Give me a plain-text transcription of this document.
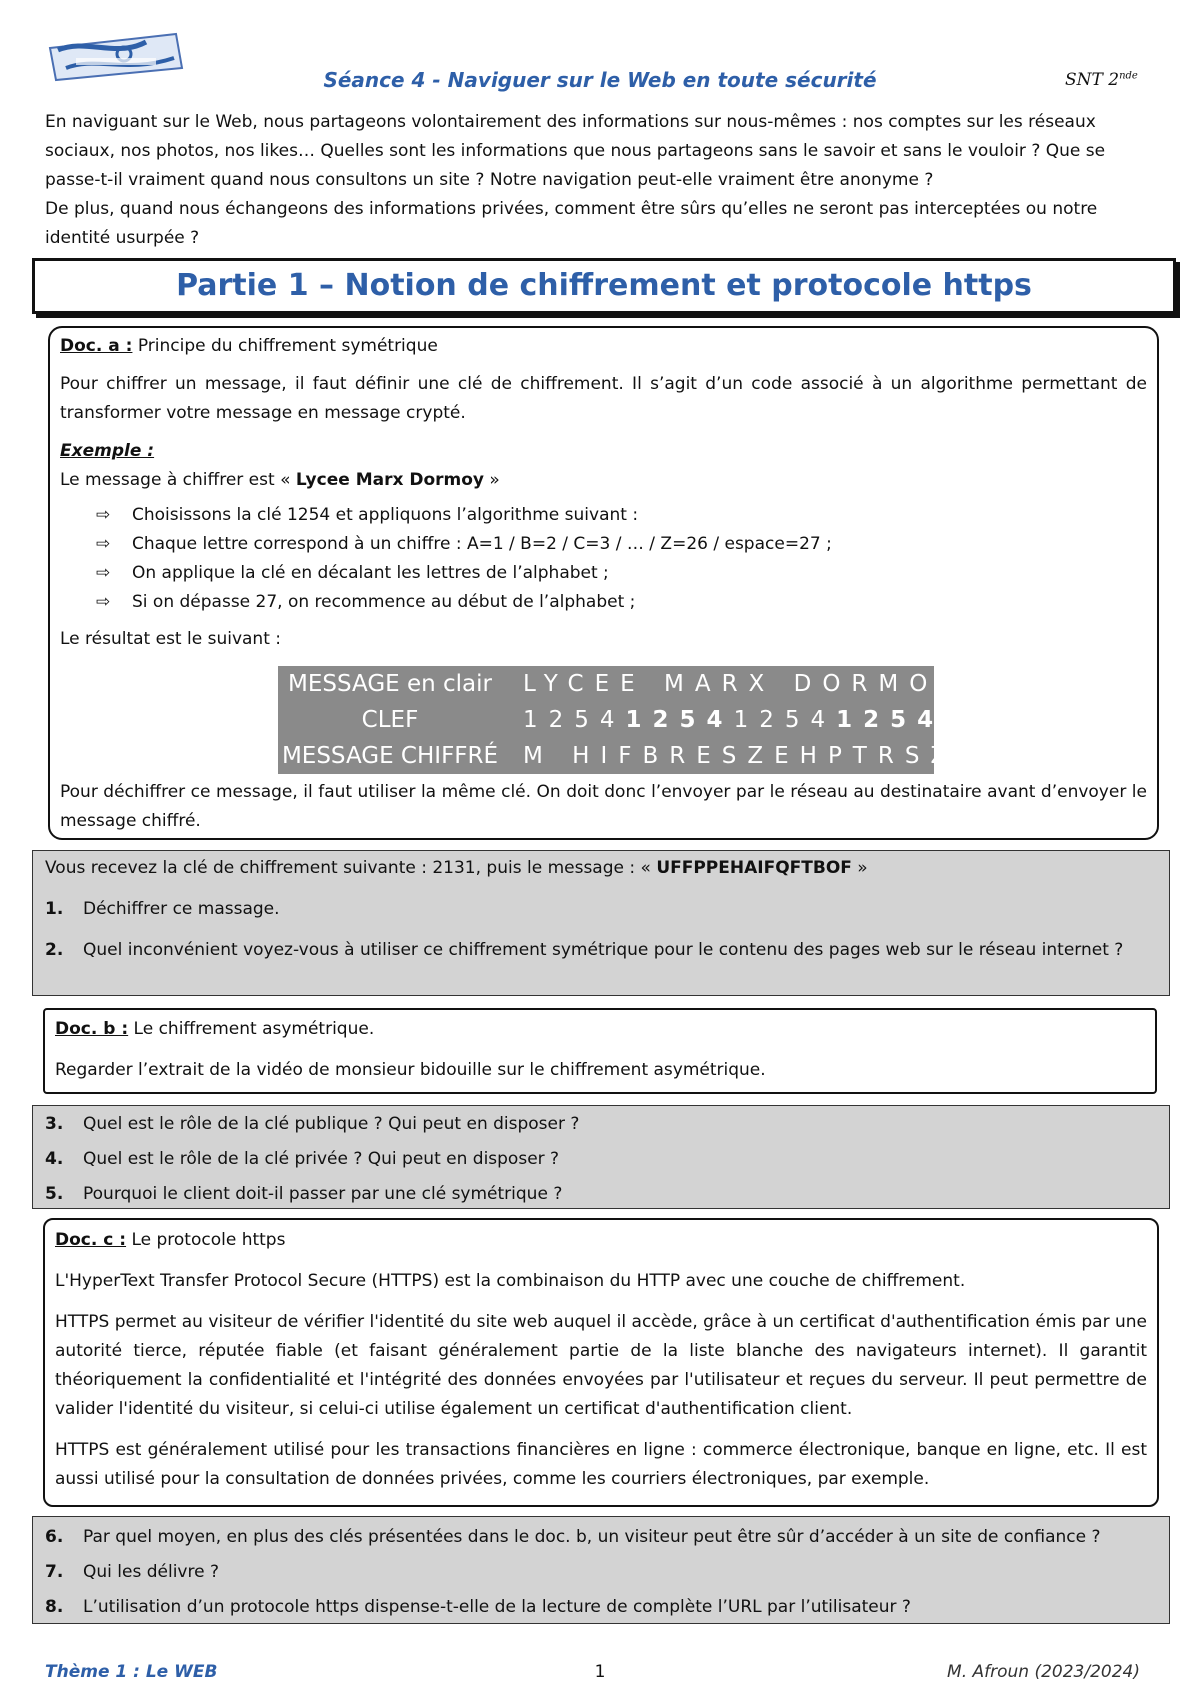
Séance 4 - Naviguer sur le Web en toute sécurité	SNT 2nde

En naviguant sur le Web, nous partageons volontairement des informations sur nous-mêmes : nos comptes sur les réseaux sociaux, nos photos, nos likes… Quelles sont les informations que nous partageons sans le savoir et sans le vouloir ? Que se passe-t-il vraiment quand nous consultons un site ? Notre navigation peut-elle vraiment être anonyme ?

De plus, quand nous échangeons des informations privées, comment être sûrs qu’elles ne seront pas interceptées ou notre identité usurpée ?

Partie 1 – Notion de chiffrement et protocole https

Doc. a : Principe du chiffrement symétrique

Pour chiffrer un message, il faut définir une clé de chiffrement. Il s’agit d’un code associé à un algorithme permettant de transformer votre message en message crypté.

Exemple :

Le message à chiffrer est « Lycee Marx Dormoy »

⇨ Choisissons la clé 1254 et appliquons l’algorithme suivant :
⇨ Chaque lettre correspond à un chiffre : A=1 / B=2 / C=3 / … / Z=26 / espace=27 ;
⇨ On applique la clé en décalant les lettres de l’alphabet ;
⇨ Si on dépasse 27, on recommence au début de l’alphabet ;

Le résultat est le suivant :

Pour déchiffrer ce message, il faut utiliser la même clé. On doit donc l’envoyer par le réseau au destinataire avant d’envoyer le message chiffré.

MESSAGE en clair	LYCEE MARX DORMOY
CLEF	12541254125412541
MESSAGE CHIFFRÉ M HIFBRESZEHPTRSZ

Vous recevez la clé de chiffrement suivante : 2131, puis le message : « UFFPPEHAIFQFTBOF »

1. Déchiffrer ce massage.
2. Quel inconvénient voyez-vous à utiliser ce chiffrement symétrique pour le contenu des pages web sur le réseau internet ?

Doc. b : Le chiffrement asymétrique.

Regarder l’extrait de la vidéo de monsieur bidouille sur le chiffrement asymétrique.

3. Quel est le rôle de la clé publique ? Qui peut en disposer ?
4. Quel est le rôle de la clé privée ? Qui peut en disposer ?
5. Pourquoi le client doit-il passer par une clé symétrique ?

Doc. c : Le protocole https

L'HyperText Transfer Protocol Secure (HTTPS) est la combinaison du HTTP avec une couche de chiffrement.

HTTPS permet au visiteur de vérifier l'identité du site web auquel il accède, grâce à un certificat d'authentification émis par une autorité tierce, réputée fiable (et faisant généralement partie de la liste blanche des navigateurs internet). Il garantit théoriquement la confidentialité et l'intégrité des données envoyées par l'utilisateur et reçues du serveur. Il peut permettre de valider l'identité du visiteur, si celui-ci utilise également un certificat d'authentification client.

HTTPS est généralement utilisé pour les transactions financières en ligne : commerce électronique, banque en ligne, etc. Il est aussi utilisé pour la consultation de données privées, comme les courriers électroniques, par exemple.

6. Par quel moyen, en plus des clés présentées dans le doc. b, un visiteur peut être sûr d’accéder à un site de confiance ?
7. Qui les délivre ?
8. L’utilisation d’un protocole https dispense-t-elle de la lecture de complète l’URL par l’utilisateur ?
Thème 1 : Le WEB	1	M. Afroun (2023/2024)
